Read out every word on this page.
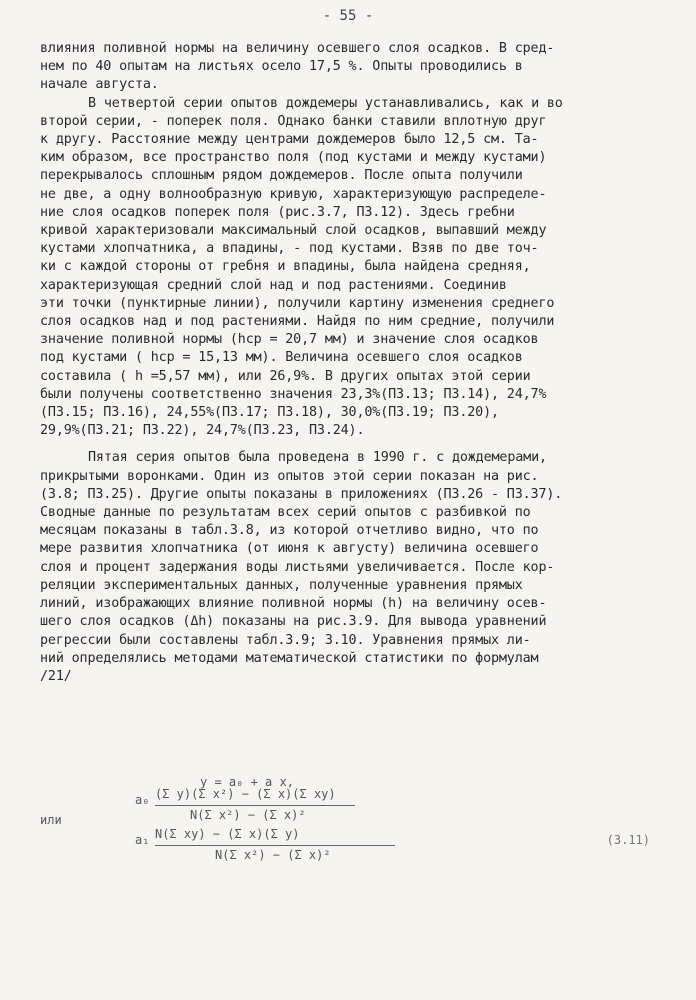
- 55 -
влияния поливной нормы на величину осевшего слоя осадков. В сред-
нем по 40 опытам на листьях осело 17,5 %. Опыты проводились в
начале августа.
В четвертой серии опытов дождемеры устанавливались, как и во
второй серии, - поперек поля. Однако банки ставили вплотную друг
к другу. Расстояние между центрами дождемеров было 12,5 см. Та-
ким образом, все пространство поля (под кустами и между кустами)
перекрывалось сплошным рядом дождемеров. После опыта получили
не две, а одну волнообразную кривую, характеризующую распределе-
ние слоя осадков поперек поля (рис.3.7, П3.12). Здесь гребни
кривой характеризовали максимальный слой осадков, выпавший между
кустами хлопчатника, а впадины, - под кустами. Взяв по две точ-
ки с каждой стороны от гребня и впадины, была найдена средняя,
характеризующая средний слой над и под растениями. Соединив
эти точки (пунктирные линии), получили картину изменения среднего
слоя осадков над и под растениями. Найдя по ним средние, получили
значение поливной нормы (hср = 20,7 мм) и значение слоя осадков
под кустами ( hср = 15,13 мм). Величина осевшего слоя осадков
составила ( h =5,57 мм), или 26,9%. В других опытах этой серии
были получены соответственно значения 23,3%(П3.13; П3.14), 24,7%
(П3.15; П3.16), 24,55%(П3.17; П3.18), 30,0%(П3.19; П3.20),
29,9%(П3.21; П3.22), 24,7%(П3.23, П3.24).
Пятая серия опытов была проведена в 1990 г. с дождемерами,
прикрытыми воронками. Один из опытов этой серии показан на рис.
(3.8; П3.25). Другие опыты показаны в приложениях (П3.26 - П3.37).
Сводные данные по результатам всех серий опытов с разбивкой по
месяцам показаны в табл.3.8, из которой отчетливо видно, что по
мере развития хлопчатника (от июня к августу) величина осевшего
слоя и процент задержания воды листьями увеличивается. После кор-
реляции экспериментальных данных, полученные уравнения прямых
линий, изображающих влияние поливной нормы (h) на величину осев-
шего слоя осадков (Δh) показаны на рис.3.9. Для вывода уравнений
регрессии были составлены табл.3.9; 3.10. Уравнения прямых ли-
ний определялись методами математической статистики по формулам
/21/
y = a₀ + a x,
a₀ (Σ y)(Σ x²) − (Σ x)(Σ xy)
N(Σ x²) − (Σ x)²
или
a₁ N(Σ xy) − (Σ x)(Σ y)
N(Σ x²) − (Σ x)²
(3.11)
